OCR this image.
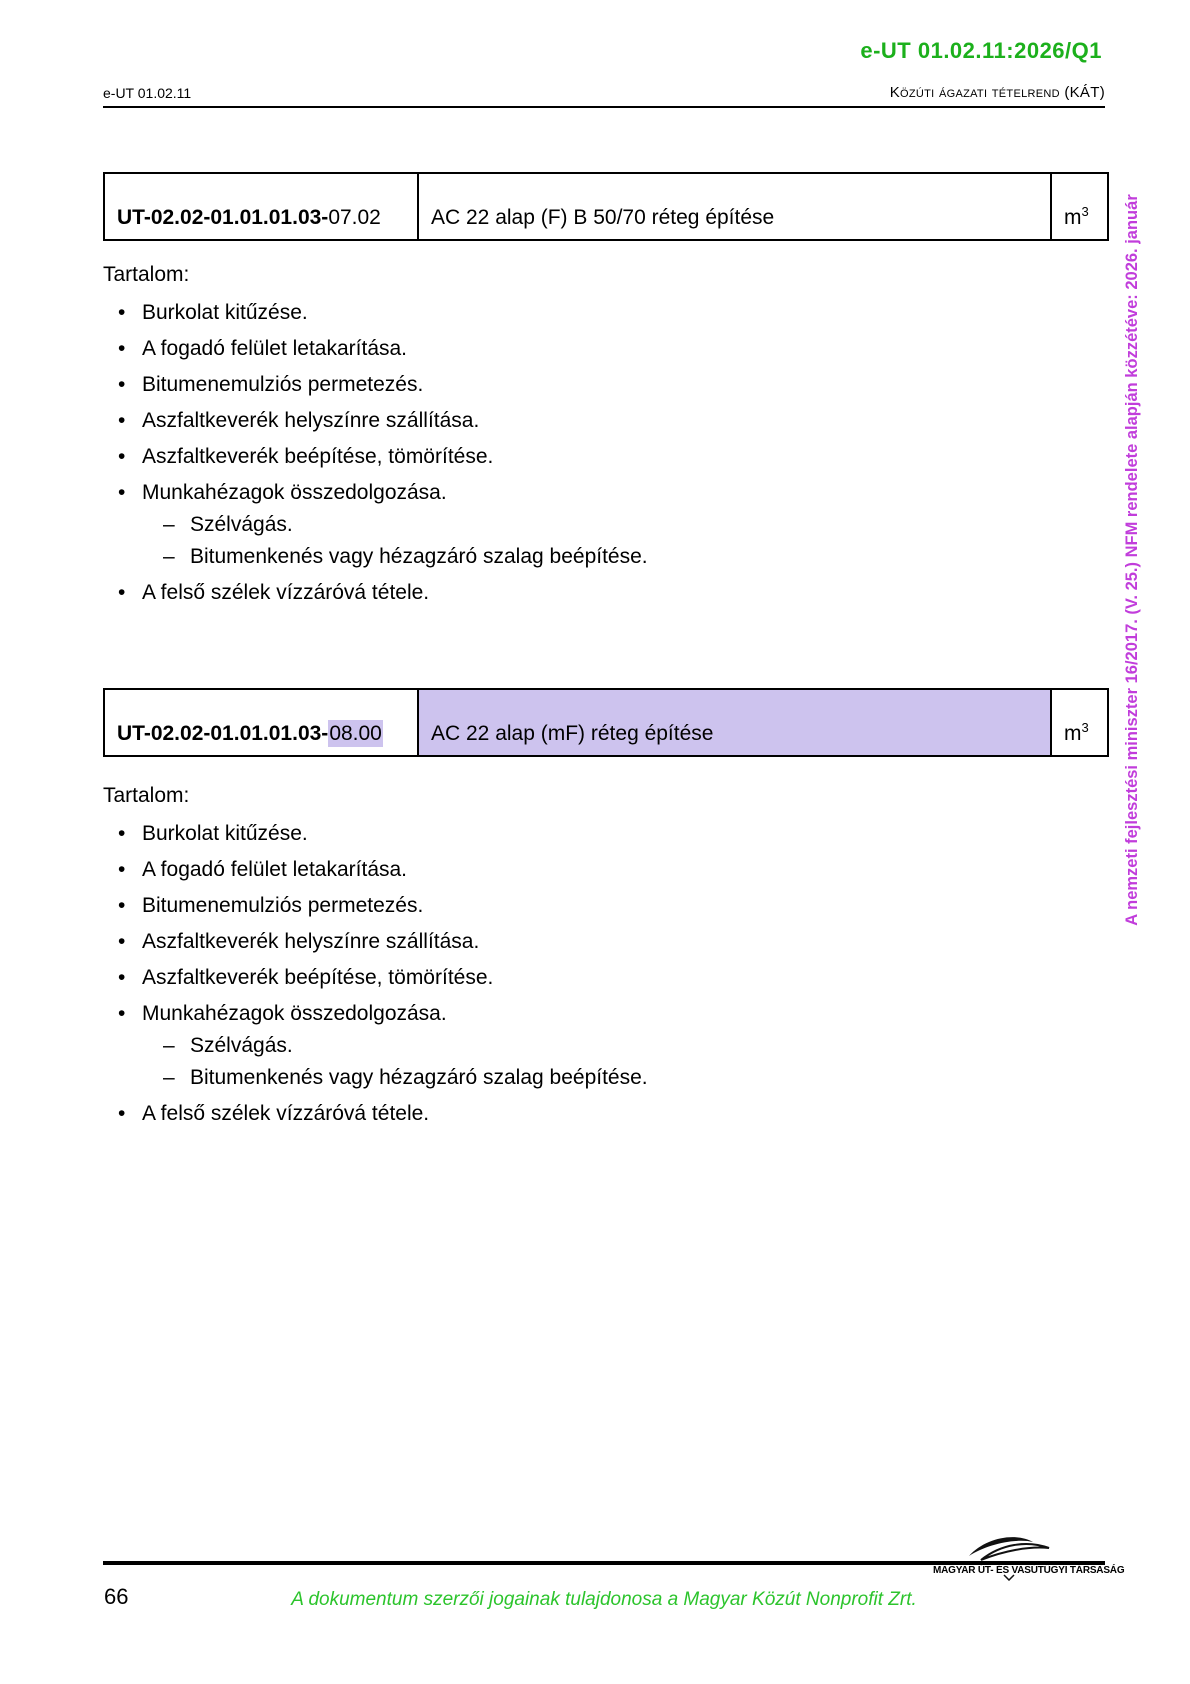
e-UT 01.02.11:2026/Q1
e-UT 01.02.11	Közúti ágazati tételrend (KÁT)
UT-02.02-01.01.01.03-07.02	AC 22 alap (F) B 50/70 réteg építése	$m^3$
Tartalom:
• Burkolat kitűzése.
• A fogadó felület letakarítása.
• Bitumenemulziós permetezés.
• Aszfaltkeverék helyszínre szállítása.
• Aszfaltkeverék beépítése, tömörítése.
• Munkahézagok összedolgozása.
– Szélvágás.
– Bitumenkenés vagy hézagzáró szalag beépítése.
• A felső szélek vízzáróvá tétele.
UT-02.02-01.01.01.03-08.00	AC 22 alap (mF) réteg építése	$m^3$
Tartalom:
• Burkolat kitűzése.
• A fogadó felület letakarítása.
• Bitumenemulziós permetezés.
• Aszfaltkeverék helyszínre szállítása.
• Aszfaltkeverék beépítése, tömörítése.
• Munkahézagok összedolgozása.
– Szélvágás.
– Bitumenkenés vagy hézagzáró szalag beépítése.
• A felső szélek vízzáróvá tétele.
A nemzeti fejlesztési miniszter 16/2017. (V. 25.) NFM rendelete alapján közzétéve: 2026. január
66	A dokumentum szerzői jogainak tulajdonosa a Magyar Közút Nonprofit Zrt.
MAGYAR ÚT- ÉS VASÚTÜGYI TÁRSASÁG
